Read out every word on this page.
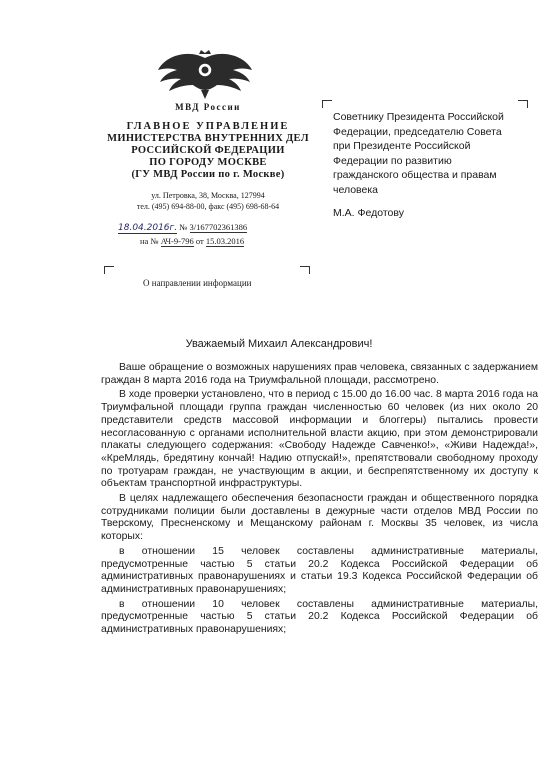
МВД России
ГЛАВНОЕ УПРАВЛЕНИЕ
МИНИСТЕРСТВА ВНУТРЕННИХ ДЕЛ
РОССИЙСКОЙ ФЕДЕРАЦИИ
ПО ГОРОДУ МОСКВЕ
(ГУ МВД России по г. Москве)
ул. Петровка, 38, Москва, 127994
тел. (495) 694-88-00, факс (495) 698-68-64
18.04.2016г. № 3/167702361386
на № АЧ-9-796 от 15.03.2016
О направлении информации
Советнику Президента Российской
Федерации, председателю Совета
при Президенте Российской
Федерации по развитию
гражданского общества и правам
человека
М.А. Федотову
Уважаемый Михаил Александрович!

Ваше обращение о возможных нарушениях прав человека, связанных с задержанием граждан 8 марта 2016 года на Триумфальной площади, рассмотрено.

В ходе проверки установлено, что в период с 15.00 до 16.00 час. 8 марта 2016 года на Триумфальной площади группа граждан численностью 60 человек (из них около 20 представители средств массовой информации и блоггеры) пытались провести несогласованную с органами исполнительной власти акцию, при этом демонстрировали плакаты следующего содержания: «Свободу Надежде Савченко!», «Живи Надежда!», «КреМлядь, бредятину кончай! Надию отпускай!», препятствовали свободному проходу по тротуарам граждан, не участвующим в акции, и беспрепятственному их доступу к объектам транспортной инфраструктуры.

В целях надлежащего обеспечения безопасности граждан и общественного порядка сотрудниками полиции были доставлены в дежурные части отделов МВД России по Тверскому, Пресненскому и Мещанскому районам г. Москвы 35 человек, из числа которых:

в отношении 15 человек составлены административные материалы, предусмотренные частью 5 статьи 20.2 Кодекса Российской Федерации об административных правонарушениях и статьи 19.3 Кодекса Российской Федерации об административных правонарушениях;

в отношении 10 человек составлены административные материалы, предусмотренные частью 5 статьи 20.2 Кодекса Российской Федерации об административных правонарушениях;
